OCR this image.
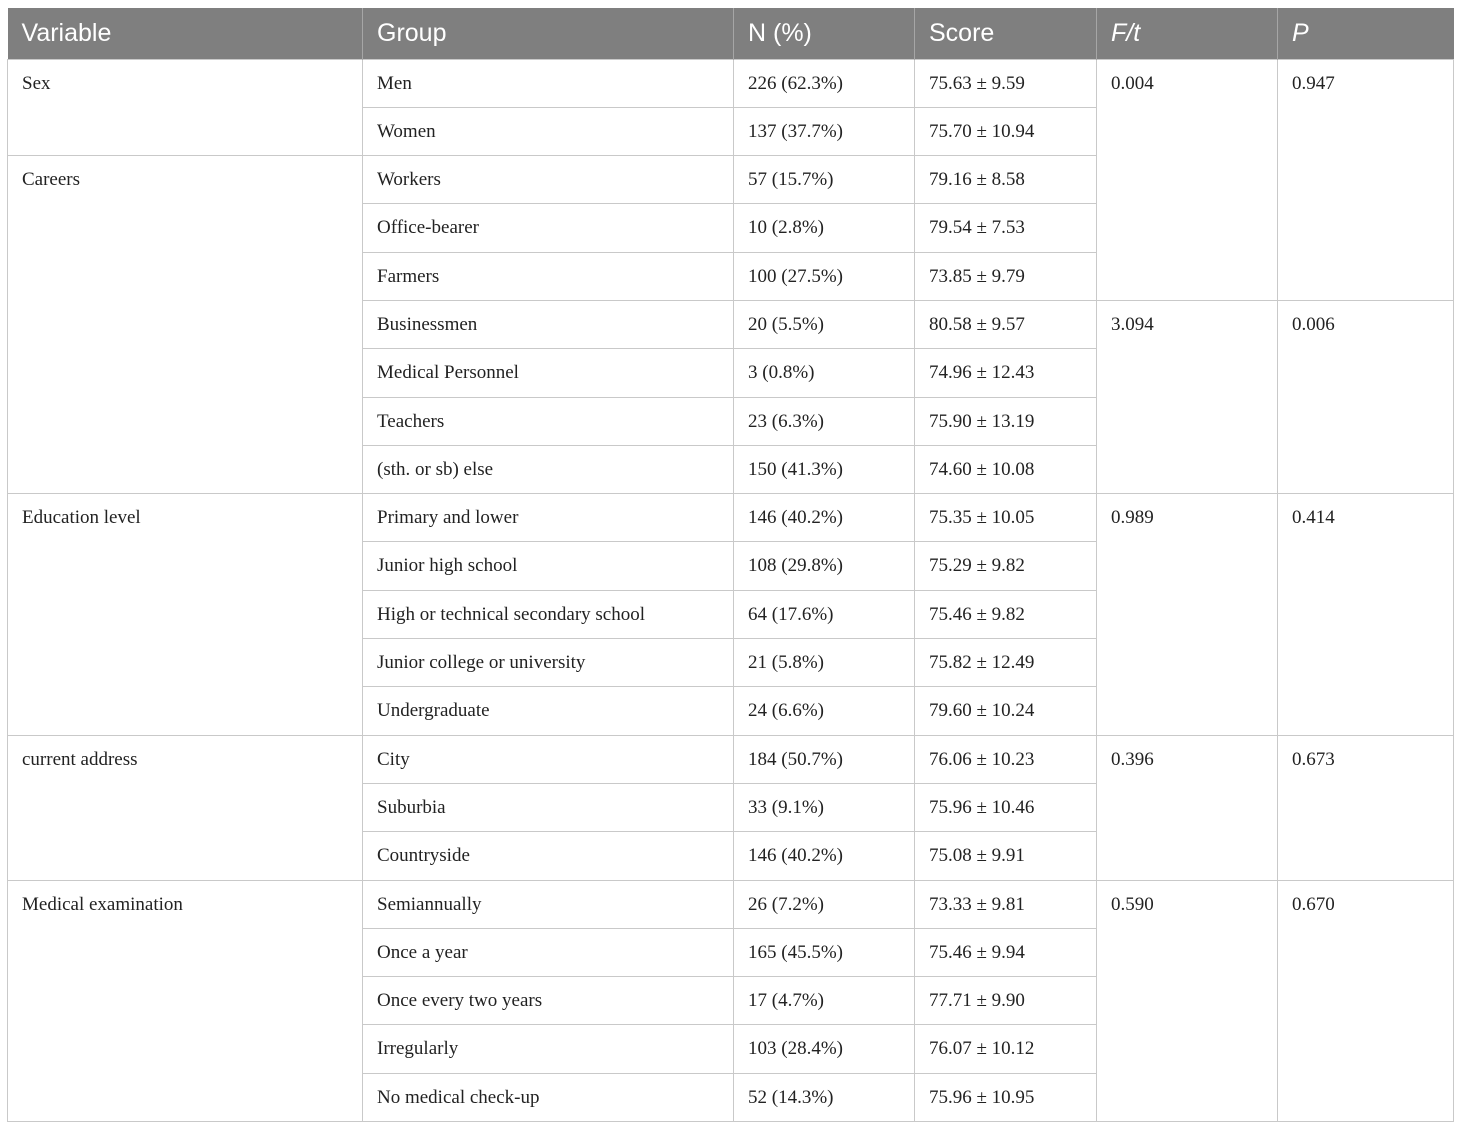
Variable	Group	N (%)	Score	F/t	P
Sex	Men	226 (62.3%)	75.63 ± 9.59	0.004	0.947
	Women	137 (37.7%)	75.70 ± 10.94		
Careers	Workers	57 (15.7%)	79.16 ± 8.58		
	Office-bearer	10 (2.8%)	79.54 ± 7.53		
	Farmers	100 (27.5%)	73.85 ± 9.79		
	Businessmen	20 (5.5%)	80.58 ± 9.57	3.094	0.006
	Medical Personnel	3 (0.8%)	74.96 ± 12.43		
	Teachers	23 (6.3%)	75.90 ± 13.19		
	(sth. or sb) else	150 (41.3%)	74.60 ± 10.08		
Education level	Primary and lower	146 (40.2%)	75.35 ± 10.05	0.989	0.414
	Junior high school	108 (29.8%)	75.29 ± 9.82		
	High or technical secondary school	64 (17.6%)	75.46 ± 9.82		
	Junior college or university	21 (5.8%)	75.82 ± 12.49		
	Undergraduate	24 (6.6%)	79.60 ± 10.24		
current address	City	184 (50.7%)	76.06 ± 10.23	0.396	0.673
	Suburbia	33 (9.1%)	75.96 ± 10.46		
	Countryside	146 (40.2%)	75.08 ± 9.91		
Medical examination	Semiannually	26 (7.2%)	73.33 ± 9.81	0.590	0.670
	Once a year	165 (45.5%)	75.46 ± 9.94		
	Once every two years	17 (4.7%)	77.71 ± 9.90		
	Irregularly	103 (28.4%)	76.07 ± 10.12		
	No medical check-up	52 (14.3%)	75.96 ± 10.95		
